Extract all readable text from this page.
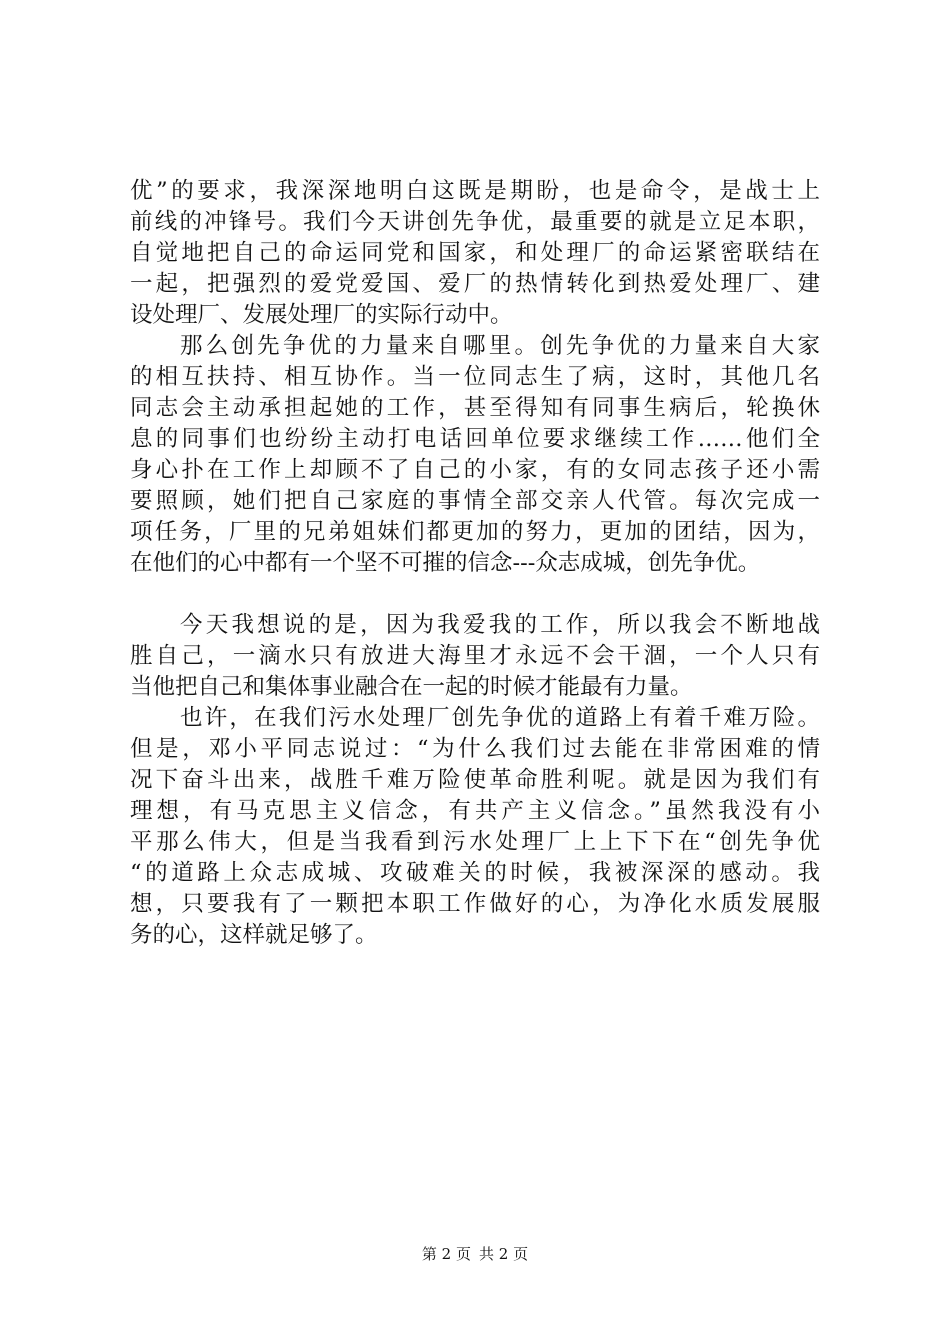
优”的要求，我深深地明白这既是期盼，也是命令，是战士上
前线的冲锋号。我们今天讲创先争优，最重要的就是立足本职，
自觉地把自己的命运同党和国家，和处理厂的命运紧密联结在
一起，把强烈的爱党爱国、爱厂的热情转化到热爱处理厂、建
设处理厂、发展处理厂的实际行动中。
那么创先争优的力量来自哪里。创先争优的力量来自大家
的相互扶持、相互协作。当一位同志生了病，这时，其他几名
同志会主动承担起她的工作，甚至得知有同事生病后，轮换休
息的同事们也纷纷主动打电话回单位要求继续工作……他们全
身心扑在工作上却顾不了自己的小家，有的女同志孩子还小需
要照顾，她们把自己家庭的事情全部交亲人代管。每次完成一
项任务，厂里的兄弟姐妹们都更加的努力，更加的团结，因为，
在他们的心中都有一个坚不可摧的信念---众志成城，创先争优。
今天我想说的是，因为我爱我的工作，所以我会不断地战
胜自己，一滴水只有放进大海里才永远不会干涸，一个人只有
当他把自己和集体事业融合在一起的时候才能最有力量。
也许，在我们污水处理厂创先争优的道路上有着千难万险。
但是，邓小平同志说过：“为什么我们过去能在非常困难的情
况下奋斗出来，战胜千难万险使革命胜利呢。就是因为我们有
理想，有马克思主义信念，有共产主义信念。”虽然我没有小
平那么伟大，但是当我看到污水处理厂上上下下在“创先争优
“的道路上众志成城、攻破难关的时候，我被深深的感动。我
想，只要我有了一颗把本职工作做好的心，为净化水质发展服
务的心，这样就足够了。
第 2 页 共 2 页
